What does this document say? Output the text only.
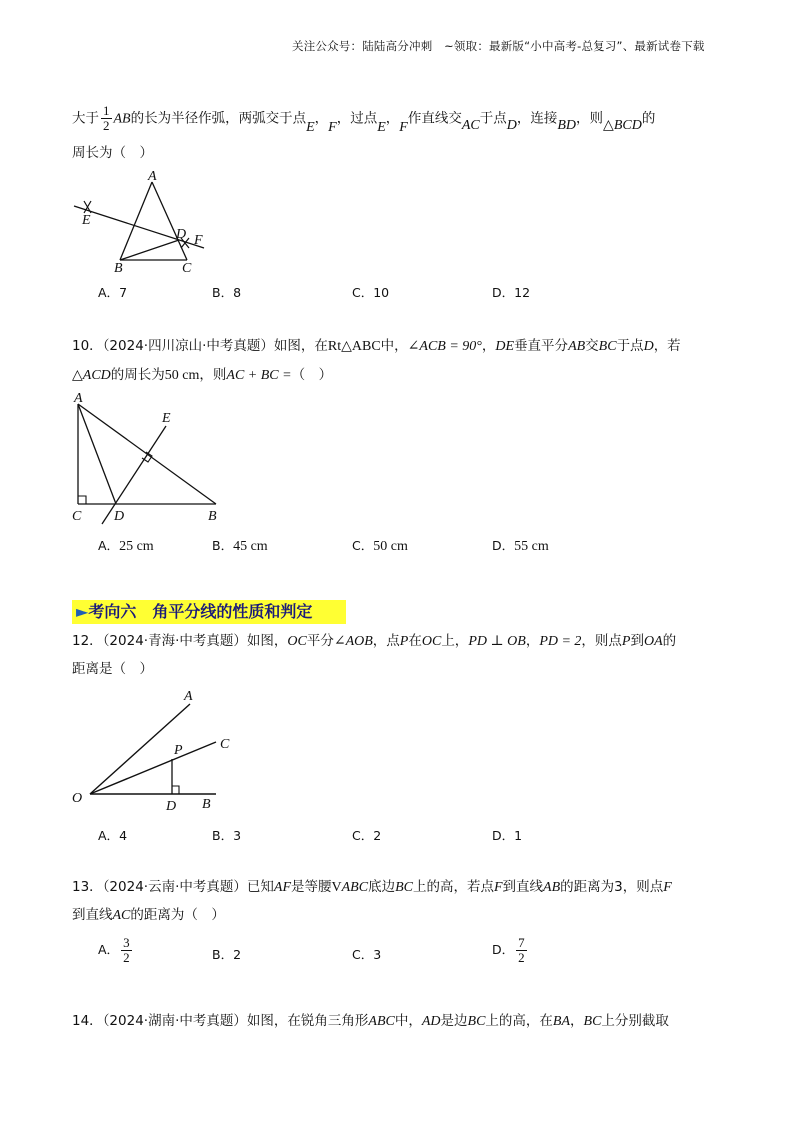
关注公众号：陆陆高分冲刺　~领取：最新版“小中高考-总复习”、最新试卷下载
大于 $\frac{1}{2}$ AB的长为半径作弧，两弧交于点E，F，过点E，F作直线交AC于点D，连接BD，则△BCD的
周长为（　）
A
E
D F
B	C
A．7	B．8	C．10	D．12
10．（2024·四川凉山·中考真题）如图，在Rt△ABC中，∠ACB = 90°，DE垂直平分AB交BC于点D，若
△ACD的周长为50 cm，则AC + BC =（　）
A
E
C D	B
A．25 cm	B．45 cm	C．50 cm	D．55 cm
►考向六　角平分线的性质和判定
12．（2024·青海·中考真题）如图，OC平分∠AOB，点P在OC上，PD ⊥ OB，PD = 2，则点P到OA的
距离是（　）
A
P	C
O
D B
A．4	B．3	C．2	D．1
13．（2024·云南·中考真题）已知AF是等腰VABC底边BC上的高，若点F到直线AB的距离为3，则点F
到直线AC的距离为（　）
A． $\frac{3}{2}$	B．2	C．3	D． $\frac{7}{2}$
14．（2024·湖南·中考真题）如图，在锐角三角形ABC中，AD是边BC上的高，在BA，BC上分别截取
